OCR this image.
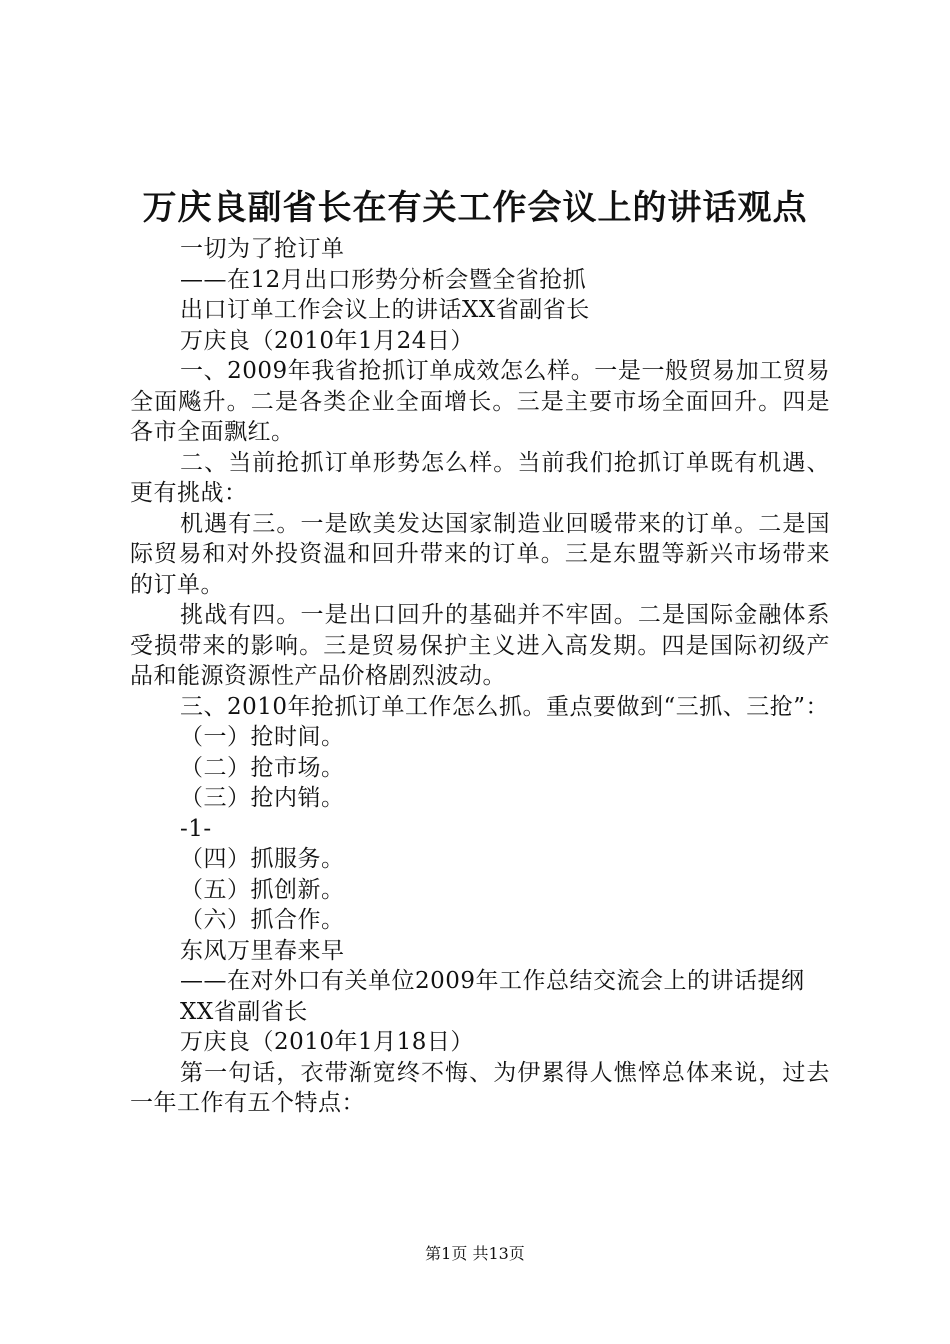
万庆良副省长在有关工作会议上的讲话观点

一切为了抢订单

——在12月出口形势分析会暨全省抢抓

出口订单工作会议上的讲话XX省副省长

万庆良（2010年1月24日）

一、2009年我省抢抓订单成效怎么样。一是一般贸易加工贸易全面飚升。二是各类企业全面增长。三是主要市场全面回升。四是各市全面飘红。

二、当前抢抓订单形势怎么样。当前我们抢抓订单既有机遇、更有挑战：

机遇有三。一是欧美发达国家制造业回暖带来的订单。二是国际贸易和对外投资温和回升带来的订单。三是东盟等新兴市场带来的订单。

挑战有四。一是出口回升的基础并不牢固。二是国际金融体系受损带来的影响。三是贸易保护主义进入高发期。四是国际初级产品和能源资源性产品价格剧烈波动。

三、2010年抢抓订单工作怎么抓。重点要做到“三抓、三抢”：

（一）抢时间。

（二）抢市场。

（三）抢内销。

-1-

（四）抓服务。

（五）抓创新。

（六）抓合作。

东风万里春来早

——在对外口有关单位2009年工作总结交流会上的讲话提纲

XX省副省长

万庆良（2010年1月18日）

第一句话，衣带渐宽终不悔、为伊累得人憔悴总体来说，过去一年工作有五个特点：

第1页 共13页
